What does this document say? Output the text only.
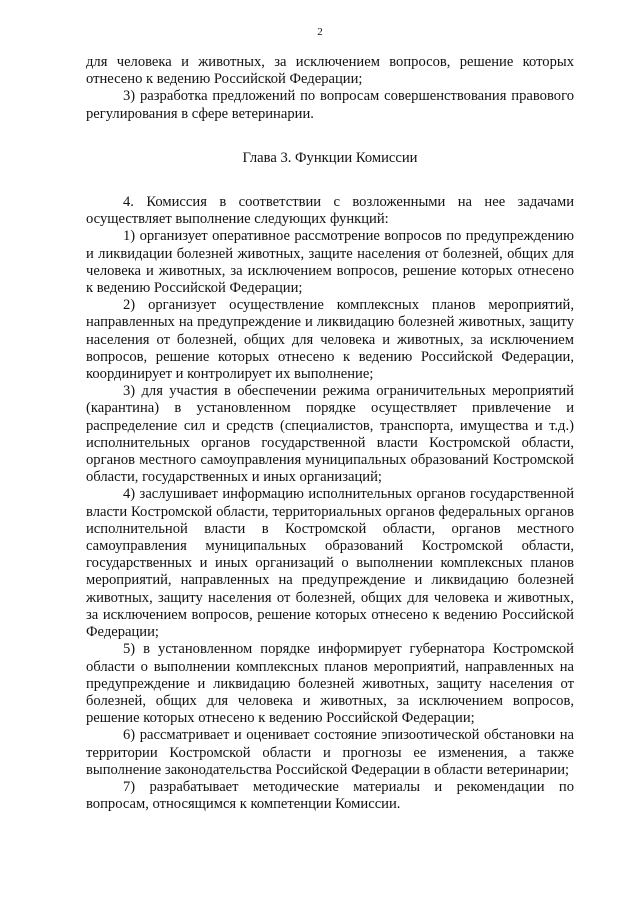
2

для человека и животных, за исключением вопросов, решение которых отнесено к ведению Российской Федерации;

3) разработка предложений по вопросам совершенствования правового регулирования в сфере ветеринарии.

Глава 3. Функции Комиссии

4. Комиссия в соответствии с возложенными на нее задачами осуществляет выполнение следующих функций:

1) организует оперативное рассмотрение вопросов по предупреждению и ликвидации болезней животных, защите населения от болезней, общих для человека и животных, за исключением вопросов, решение которых отнесено к ведению Российской Федерации;

2) организует осуществление комплексных планов мероприятий, направленных на предупреждение и ликвидацию болезней животных, защиту населения от болезней, общих для человека и животных, за исключением вопросов, решение которых отнесено к ведению Российской Федерации, координирует и контролирует их выполнение;

3) для участия в обеспечении режима ограничительных мероприятий (карантина) в установленном порядке осуществляет привлечение и распределение сил и средств (специалистов, транспорта, имущества и т.д.) исполнительных органов государственной власти Костромской области, органов местного самоуправления муниципальных образований Костромской области, государственных и иных организаций;

4) заслушивает информацию исполнительных органов государственной власти Костромской области, территориальных органов федеральных органов исполнительной власти в Костромской области, органов местного самоуправления муниципальных образований Костромской области, государственных и иных организаций о выполнении комплексных планов мероприятий, направленных на предупреждение и ликвидацию болезней животных, защиту населения от болезней, общих для человека и животных, за исключением вопросов, решение которых отнесено к ведению Российской Федерации;

5) в установленном порядке информирует губернатора Костромской области о выполнении комплексных планов мероприятий, направленных на предупреждение и ликвидацию болезней животных, защиту населения от болезней, общих для человека и животных, за исключением вопросов, решение которых отнесено к ведению Российской Федерации;

6) рассматривает и оценивает состояние эпизоотической обстановки на территории Костромской области и прогнозы ее изменения, а также выполнение законодательства Российской Федерации в области ветеринарии;

7) разрабатывает методические материалы и рекомендации по вопросам, относящимся к компетенции Комиссии.
